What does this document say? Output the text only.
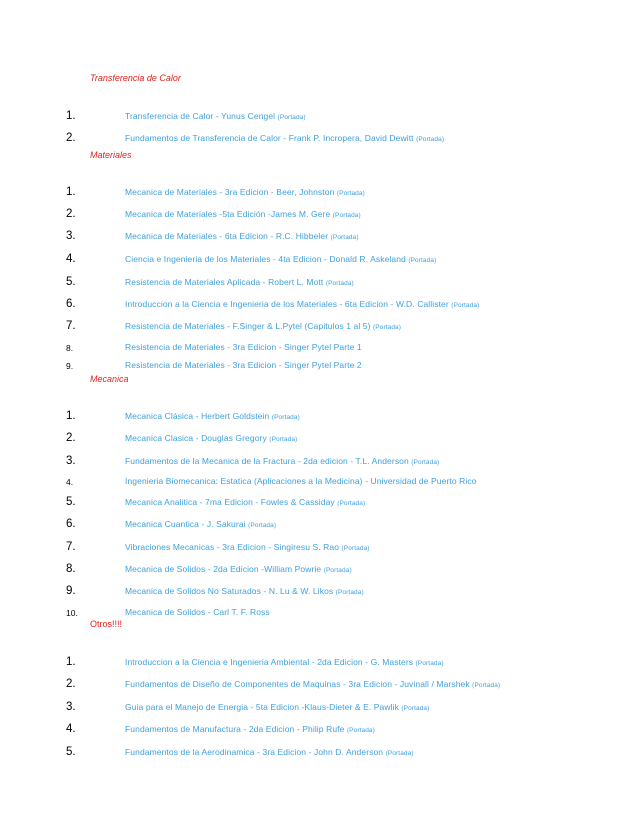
Transferencia de Calor
1.	Transferencia de Calor - Yunus Cengel (Portada)
2.	Fundamentos de Transferencia de Calor - Frank P. Incropera, David Dewitt (Portada)
Materiales
1.	Mecanica de Materiales - 3ra Edicion - Beer, Johnston (Portada)
2.	Mecanica de Materiales -5ta Edición -James M. Gere (Portada)
3.	Mecanica de Materiales - 6ta Edicion - R.C. Hibbeler (Portada)
4.	Ciencia e Ingenieria de los Materiales - 4ta Edicion - Donald R. Askeland (Portada)
5.	Resistencia de Materiales Aplicada - Robert L. Mott (Portada)
6.	Introduccion a la Ciencia e Ingenieria de los Materiales - 6ta Edicion - W.D. Callister (Portada)
7.	Resistencia de Materiales - F.Singer & L.Pytel (Capitulos 1 al 5) (Portada)
8.	Resistencia de Materiales - 3ra Edicion - Singer Pytel Parte 1
9.	Resistencia de Materiales - 3ra Edicion - Singer Pytel Parte 2
Mecanica
1.	Mecanica Clásica - Herbert Goldstein (Portada)
2.	Mecanica Clasica - Douglas Gregory (Portada)
3.	Fundamentos de la Mecanica de la Fractura - 2da edicion - T.L. Anderson (Portada)
4.	Ingenieria Biomecanica: Estatica (Aplicaciones a la Medicina) - Universidad de Puerto Rico
5.	Mecanica Analitica - 7ma Edicion - Fowles & Cassiday (Portada)
6.	Mecanica Cuantica - J. Sakurai (Portada)
7.	Vibraciones Mecanicas - 3ra Edicion - Singiresu S. Rao (Portada)
8.	Mecanica de Solidos - 2da Edicion -William Powrie (Portada)
9.	Mecanica de Solidos No Saturados - N. Lu & W. Likos (Portada)
10.	Mecanica de Solidos - Carl T. F. Ross
Otros!!!!
1.	Introduccion a la Ciencia e Ingenieria Ambiental - 2da Edicion - G. Masters (Portada)
2.	Fundamentos de Diseño de Componentes de Maquinas - 3ra Edicion - Juvinall / Marshek (Portada)
3.	Guia para el Manejo de Energia - 5ta Edicion -Klaus-Dieter & E. Pawlik (Portada)
4.	Fundamentos de Manufactura - 2da Edicion - Philip Rufe (Portada)
5.	Fundamentos de la Aerodinamica - 3ra Edicion - John D. Anderson (Portada)
